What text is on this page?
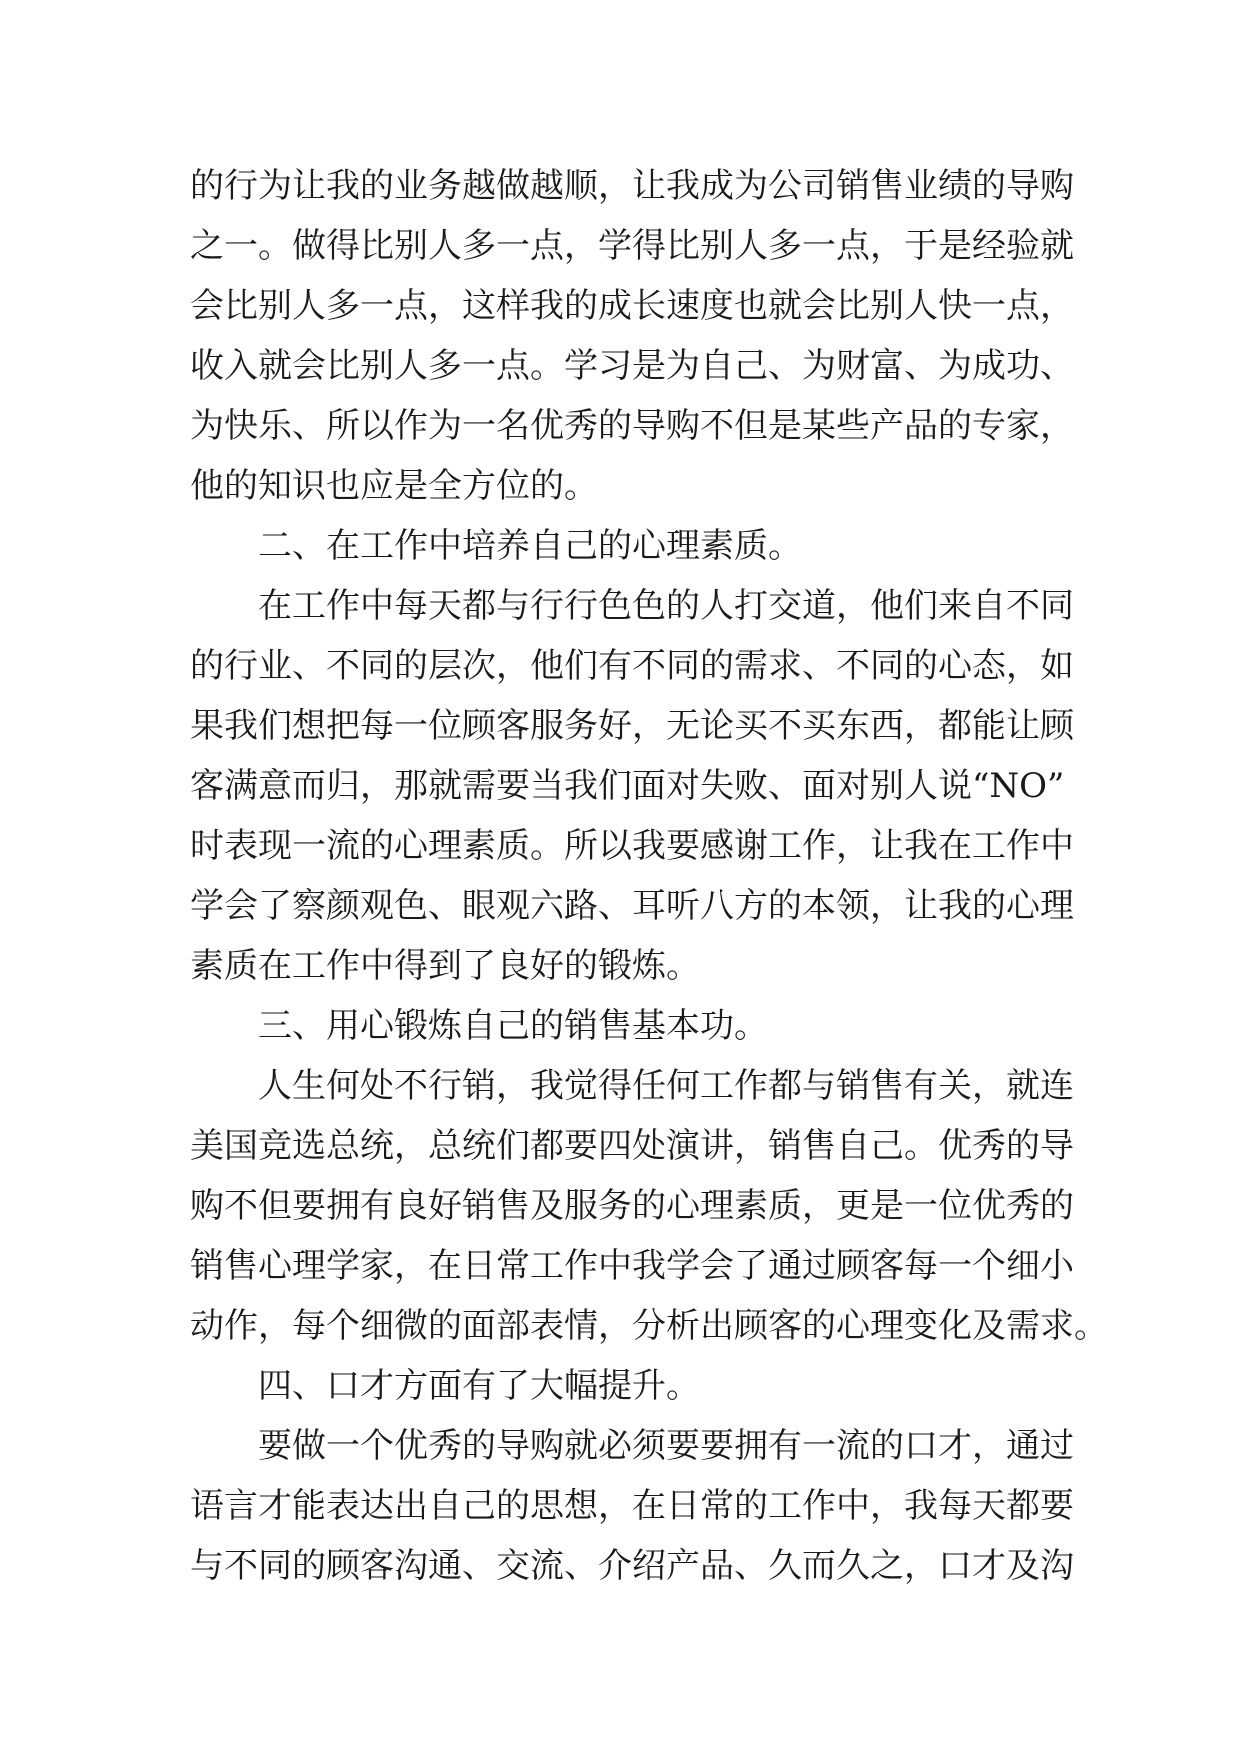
的行为让我的业务越做越顺，让我成为公司销售业绩的导购
之一。做得比别人多一点，学得比别人多一点，于是经验就
会比别人多一点，这样我的成长速度也就会比别人快一点，
收入就会比别人多一点。学习是为自己、为财富、为成功、
为快乐、所以作为一名优秀的导购不但是某些产品的专家，
他的知识也应是全方位的。
二、在工作中培养自己的心理素质。
在工作中每天都与行行色色的人打交道，他们来自不同
的行业、不同的层次，他们有不同的需求、不同的心态，如
果我们想把每一位顾客服务好，无论买不买东西，都能让顾
客满意而归，那就需要当我们面对失败、面对别人说“NO”
时表现一流的心理素质。所以我要感谢工作，让我在工作中
学会了察颜观色、眼观六路、耳听八方的本领，让我的心理
素质在工作中得到了良好的锻炼。
三、用心锻炼自己的销售基本功。
人生何处不行销，我觉得任何工作都与销售有关，就连
美国竞选总统，总统们都要四处演讲，销售自己。优秀的导
购不但要拥有良好销售及服务的心理素质，更是一位优秀的
销售心理学家，在日常工作中我学会了通过顾客每一个细小
动作，每个细微的面部表情，分析出顾客的心理变化及需求。
四、口才方面有了大幅提升。
要做一个优秀的导购就必须要要拥有一流的口才，通过
语言才能表达出自己的思想，在日常的工作中，我每天都要
与不同的顾客沟通、交流、介绍产品、久而久之，口才及沟
